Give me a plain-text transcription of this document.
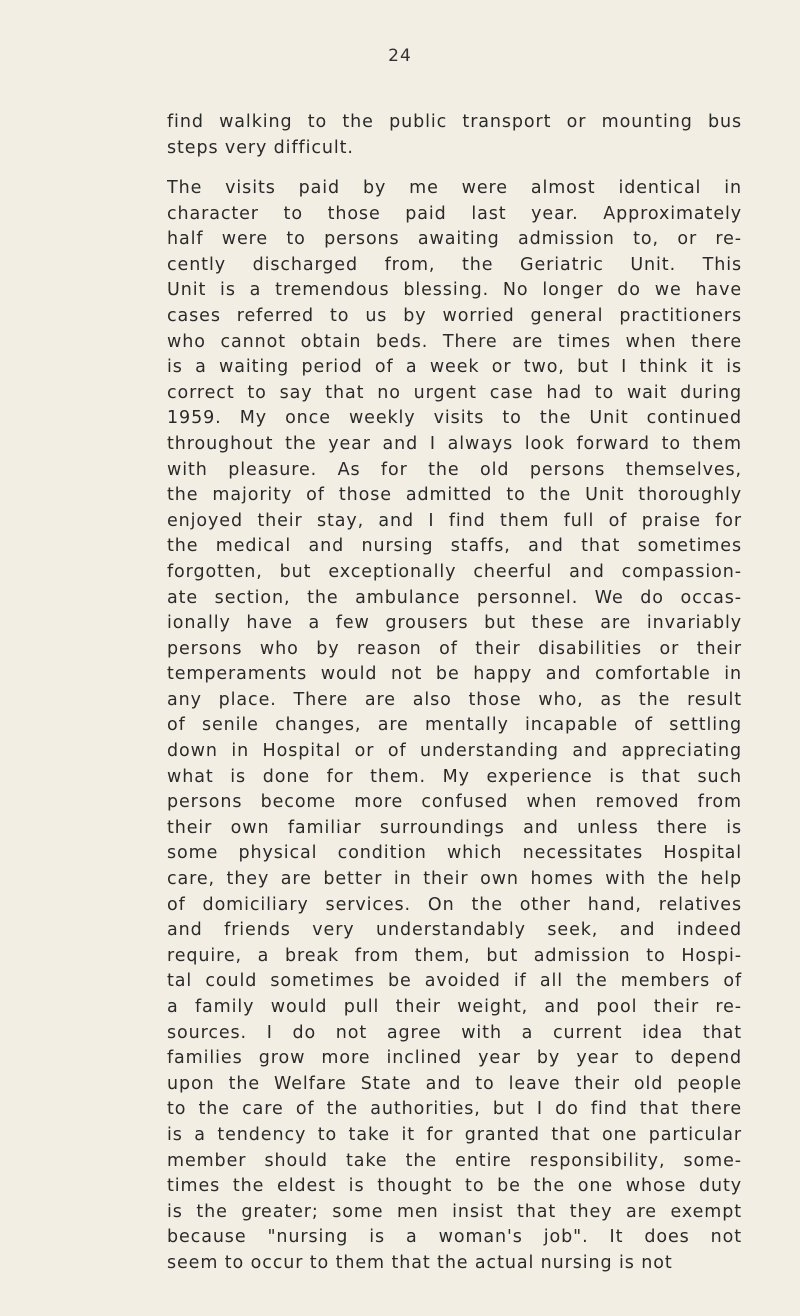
24
find walking to the public transport or mounting bus
steps very difficult.
The visits paid by me were almost identical in
character to those paid last year. Approximately
half were to persons awaiting admission to, or re-
cently discharged from, the Geriatric Unit. This
Unit is a tremendous blessing. No longer do we have
cases referred to us by worried general practitioners
who cannot obtain beds. There are times when there
is a waiting period of a week or two, but I think it is
correct to say that no urgent case had to wait during
1959. My once weekly visits to the Unit continued
throughout the year and I always look forward to them
with pleasure. As for the old persons themselves,
the majority of those admitted to the Unit thoroughly
enjoyed their stay, and I find them full of praise for
the medical and nursing staffs, and that sometimes
forgotten, but exceptionally cheerful and compassion-
ate section, the ambulance personnel. We do occas-
ionally have a few grousers but these are invariably
persons who by reason of their disabilities or their
temperaments would not be happy and comfortable in
any place. There are also those who, as the result
of senile changes, are mentally incapable of settling
down in Hospital or of understanding and appreciating
what is done for them. My experience is that such
persons become more confused when removed from
their own familiar surroundings and unless there is
some physical condition which necessitates Hospital
care, they are better in their own homes with the help
of domiciliary services. On the other hand, relatives
and friends very understandably seek, and indeed
require, a break from them, but admission to Hospi-
tal could sometimes be avoided if all the members of
a family would pull their weight, and pool their re-
sources. I do not agree with a current idea that
families grow more inclined year by year to depend
upon the Welfare State and to leave their old people
to the care of the authorities, but I do find that there
is a tendency to take it for granted that one particular
member should take the entire responsibility, some-
times the eldest is thought to be the one whose duty
is the greater; some men insist that they are exempt
because "nursing is a woman's job". It does not
seem to occur to them that the actual nursing is not
